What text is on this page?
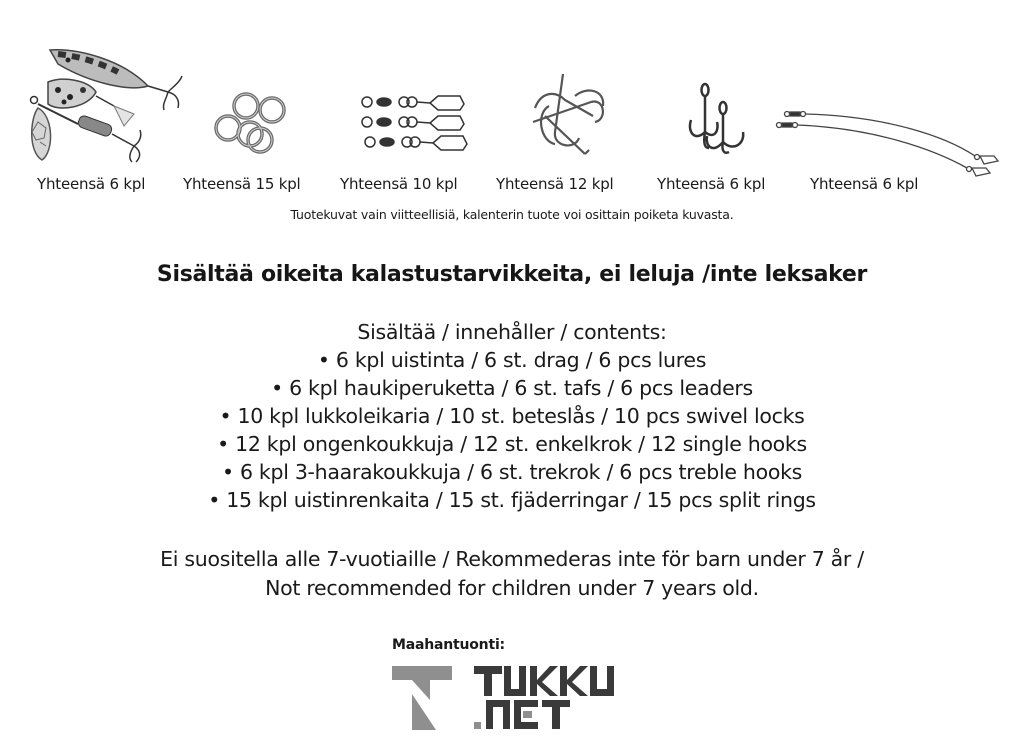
Yhteensä 6 kpl	Yhteensä 15 kpl	Yhteensä 10 kpl	Yhteensä 12 kpl	Yhteensä 6 kpl	Yhteensä 6 kpl
Tuotekuvat vain viitteellisiä, kalenterin tuote voi osittain poiketa kuvasta.
Sisältää oikeita kalastustarvikkeita, ei leluja /inte leksaker
Sisältää / innehåller / contents:
• 6 kpl uistinta / 6 st. drag / 6 pcs lures
• 6 kpl haukiperuketta / 6 st. tafs / 6 pcs leaders
• 10 kpl lukkoleikaria / 10 st. beteslås / 10 pcs swivel locks
• 12 kpl ongenkoukkuja / 12 st. enkelkrok / 12 single hooks
• 6 kpl 3-haarakoukkuja / 6 st. trekrok / 6 pcs treble hooks
• 15 kpl uistinrenkaita / 15 st. fjäderringar / 15 pcs split rings
Ei suositella alle 7-vuotiaille / Rekommederas inte för barn under 7 år /
Not recommended for children under 7 years old.
Maahantuonti:
